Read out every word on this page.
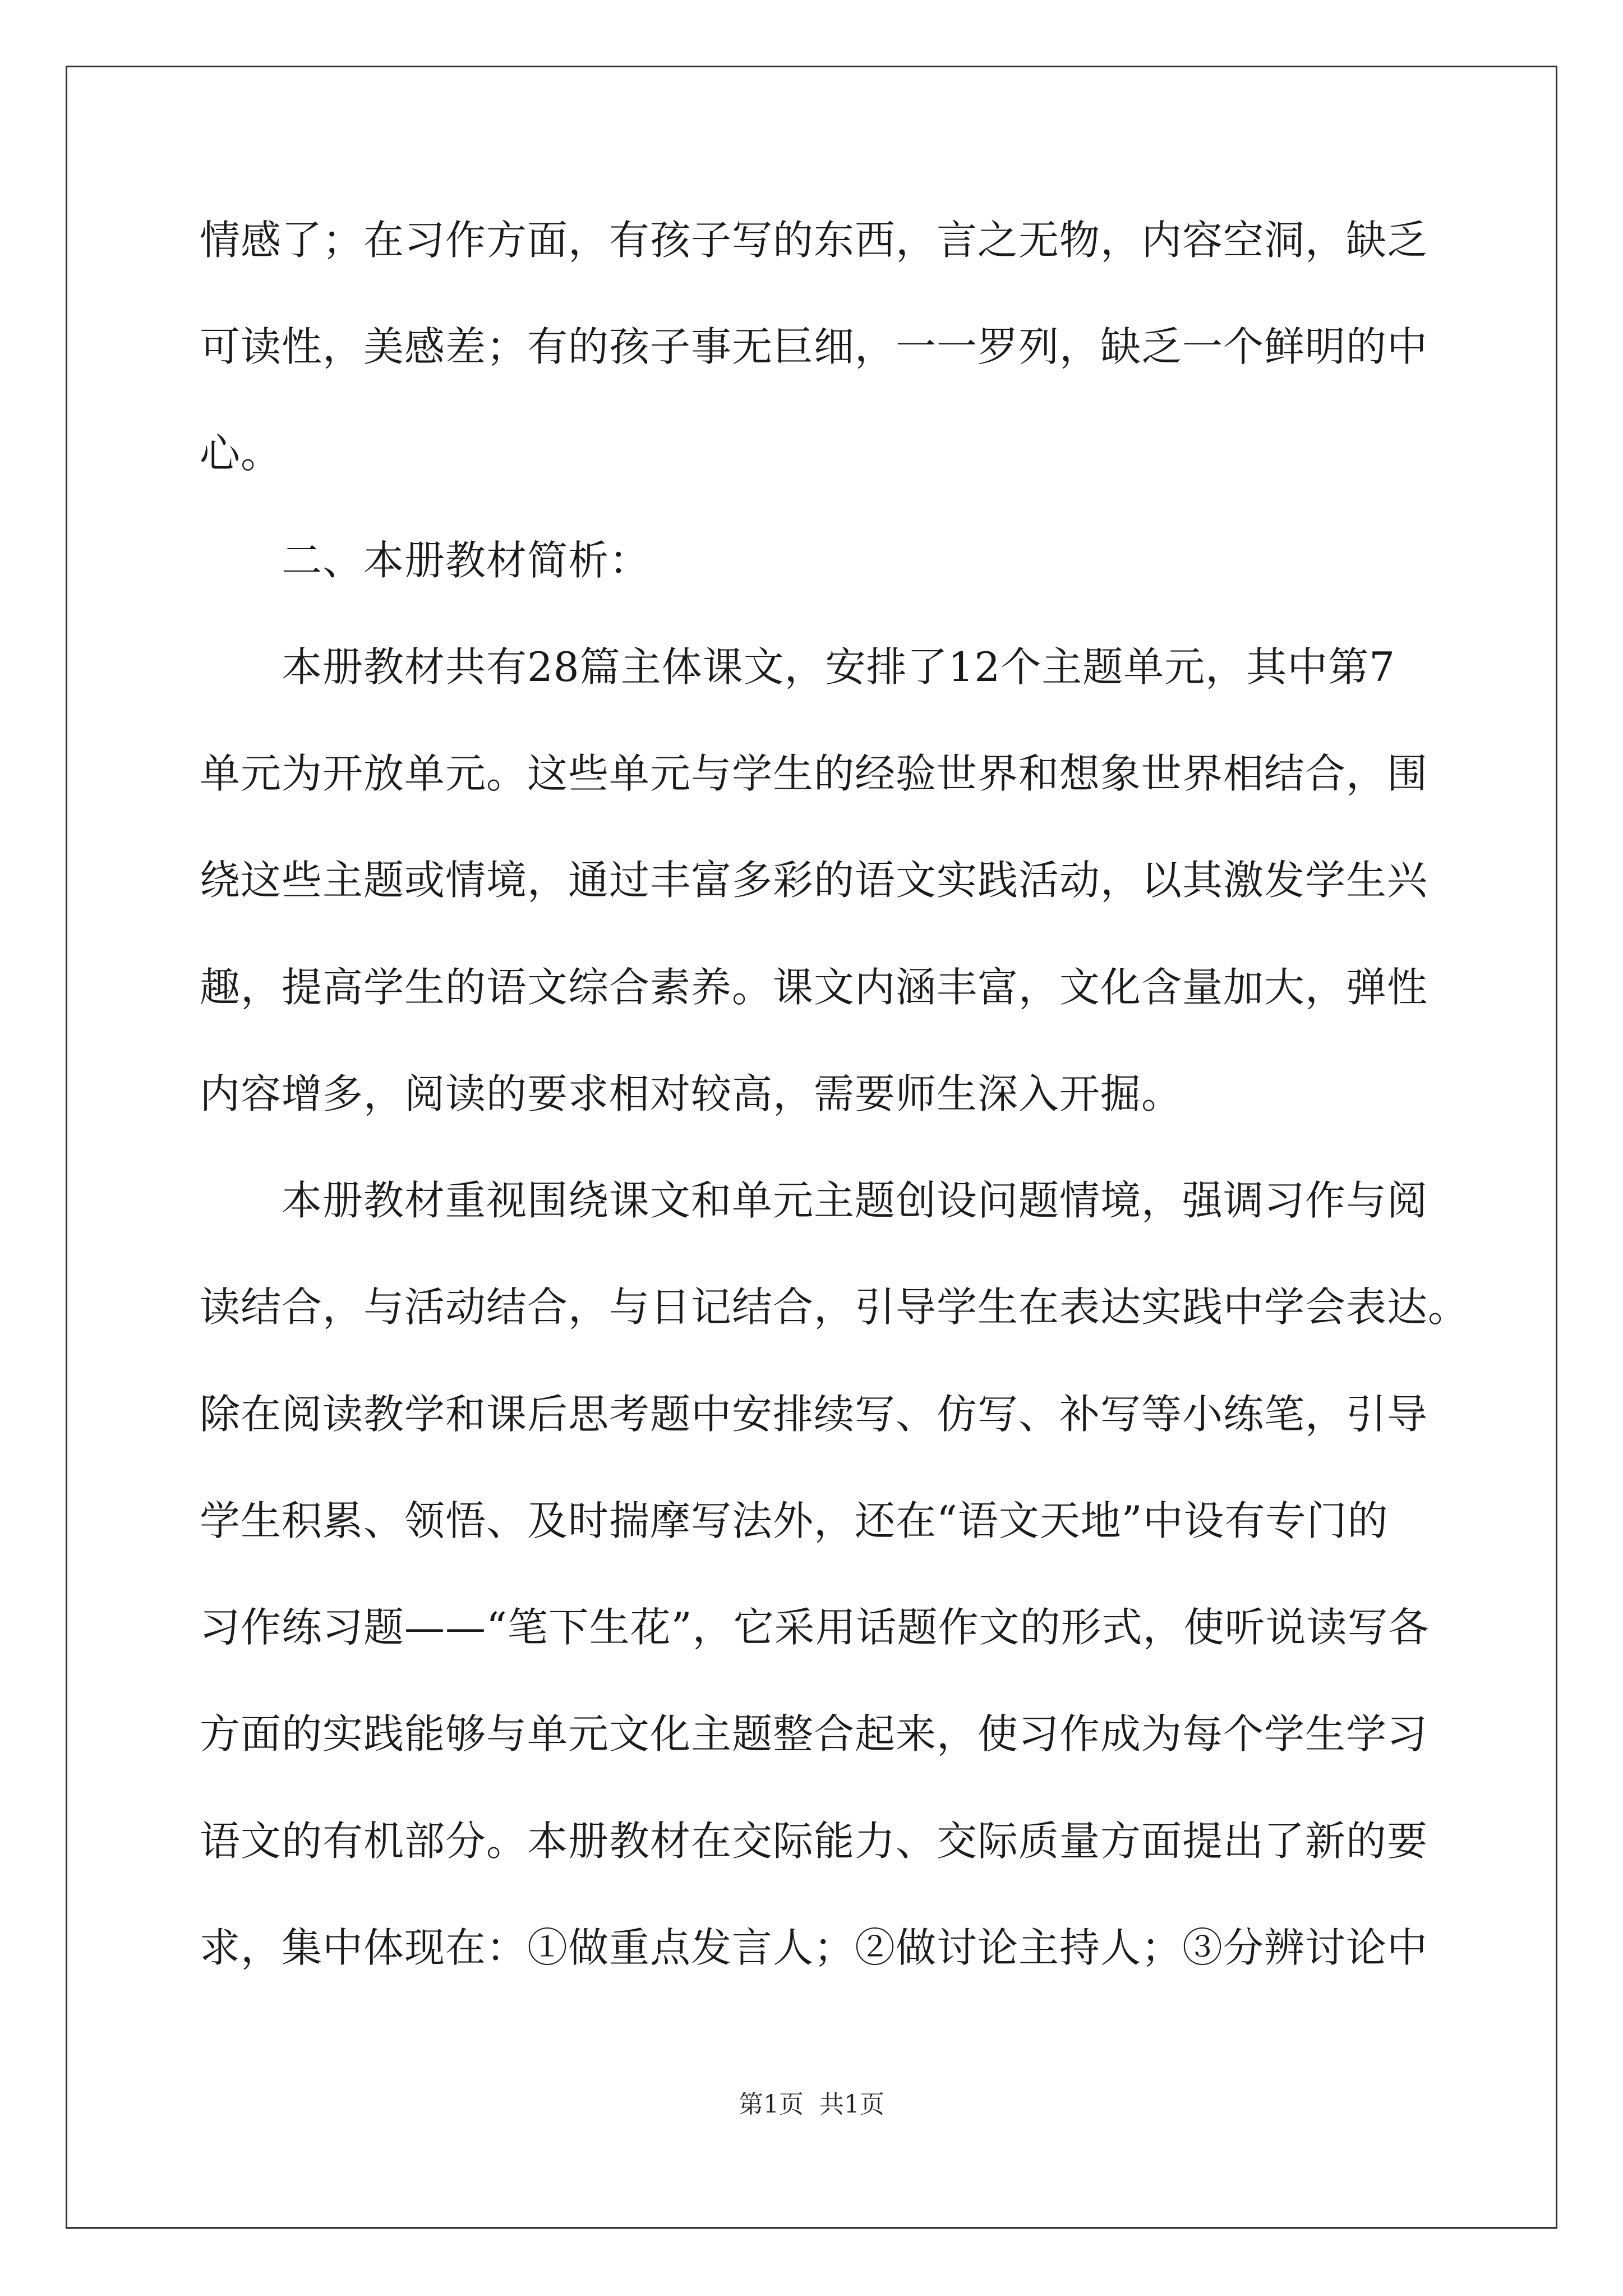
情感了；在习作方面，有孩子写的东西，言之无物，内容空洞，缺乏
可读性，美感差；有的孩子事无巨细，一一罗列，缺乏一个鲜明的中
心。
　　二、本册教材简析：
　　本册教材共有28篇主体课文，安排了12个主题单元，其中第7
单元为开放单元。这些单元与学生的经验世界和想象世界相结合，围
绕这些主题或情境，通过丰富多彩的语文实践活动，以其激发学生兴
趣，提高学生的语文综合素养。课文内涵丰富，文化含量加大，弹性
内容增多，阅读的要求相对较高，需要师生深入开掘。
　　本册教材重视围绕课文和单元主题创设问题情境，强调习作与阅
读结合，与活动结合，与日记结合，引导学生在表达实践中学会表达。
除在阅读教学和课后思考题中安排续写、仿写、补写等小练笔，引导
学生积累、领悟、及时揣摩写法外，还在“语文天地”中设有专门的
习作练习题——“笔下生花”，它采用话题作文的形式，使听说读写各
方面的实践能够与单元文化主题整合起来，使习作成为每个学生学习
语文的有机部分。本册教材在交际能力、交际质量方面提出了新的要
求，集中体现在：①做重点发言人；②做讨论主持人；③分辨讨论中
第1页 共1页
